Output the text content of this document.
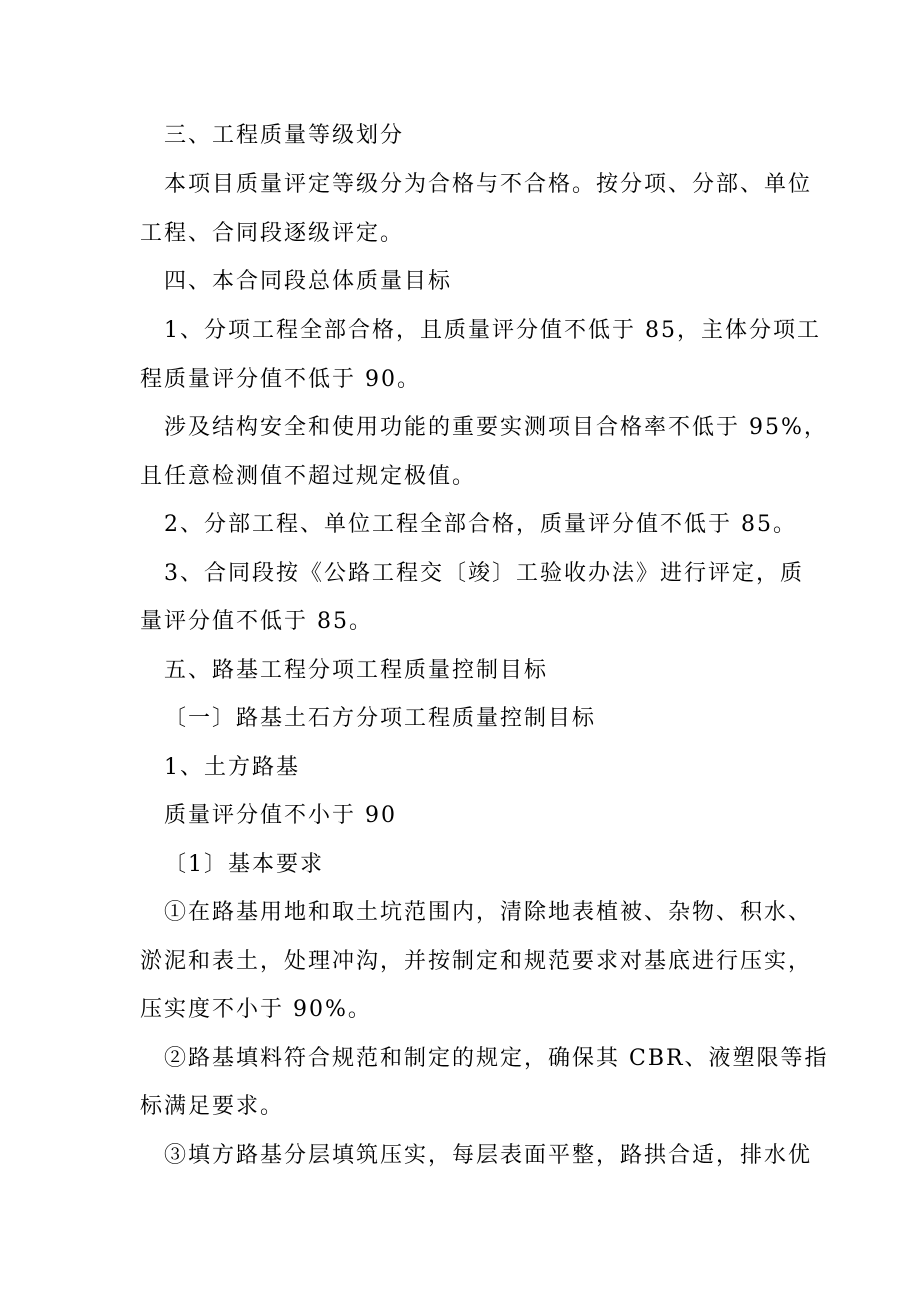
三、工程质量等级划分
本项目质量评定等级分为合格与不合格。按分项、分部、单位
工程、合同段逐级评定。
四、本合同段总体质量目标
1、分项工程全部合格，且质量评分值不低于 85，主体分项工
程质量评分值不低于 90。
涉及结构安全和使用功能的重要实测项目合格率不低于 95%，
且任意检测值不超过规定极值。
2、分部工程、单位工程全部合格，质量评分值不低于 85。
3、合同段按《公路工程交〔竣〕工验收办法》进行评定，质
量评分值不低于 85。
五、路基工程分项工程质量控制目标
〔一〕路基土石方分项工程质量控制目标
1、土方路基
质量评分值不小于 90
〔1〕基本要求
①在路基用地和取土坑范围内，清除地表植被、杂物、积水、
淤泥和表土，处理冲沟，并按制定和规范要求对基底进行压实，
压实度不小于 90%。
②路基填料符合规范和制定的规定，确保其 CBR、液塑限等指
标满足要求。
③填方路基分层填筑压实，每层表面平整，路拱合适，排水优
